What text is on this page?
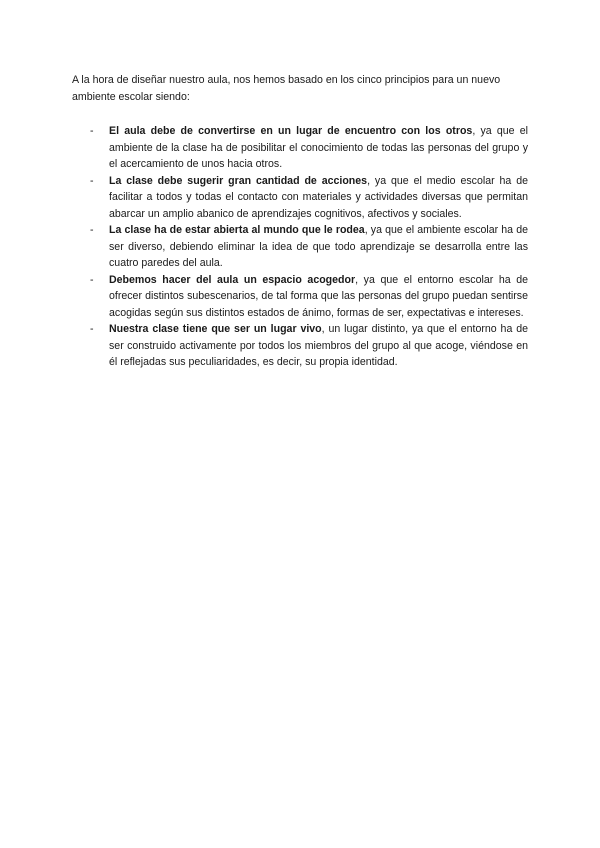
A la hora de diseñar nuestro aula, nos hemos basado en los cinco principios para un nuevo ambiente escolar siendo:

- El aula debe de convertirse en un lugar de encuentro con los otros, ya que el ambiente de la clase ha de posibilitar el conocimiento de todas las personas del grupo y el acercamiento de unos hacia otros.
- La clase debe sugerir gran cantidad de acciones, ya que el medio escolar ha de facilitar a todos y todas el contacto con materiales y actividades diversas que permitan abarcar un amplio abanico de aprendizajes cognitivos, afectivos y sociales.
- La clase ha de estar abierta al mundo que le rodea, ya que el ambiente escolar ha de ser diverso, debiendo eliminar la idea de que todo aprendizaje se desarrolla entre las cuatro paredes del aula.
- Debemos hacer del aula un espacio acogedor, ya que el entorno escolar ha de ofrecer distintos subescenarios, de tal forma que las personas del grupo puedan sentirse acogidas según sus distintos estados de ánimo, formas de ser, expectativas e intereses.
- Nuestra clase tiene que ser un lugar vivo, un lugar distinto, ya que el entorno ha de ser construido activamente por todos los miembros del grupo al que acoge, viéndose en él reflejadas sus peculiaridades, es decir, su propia identidad.
